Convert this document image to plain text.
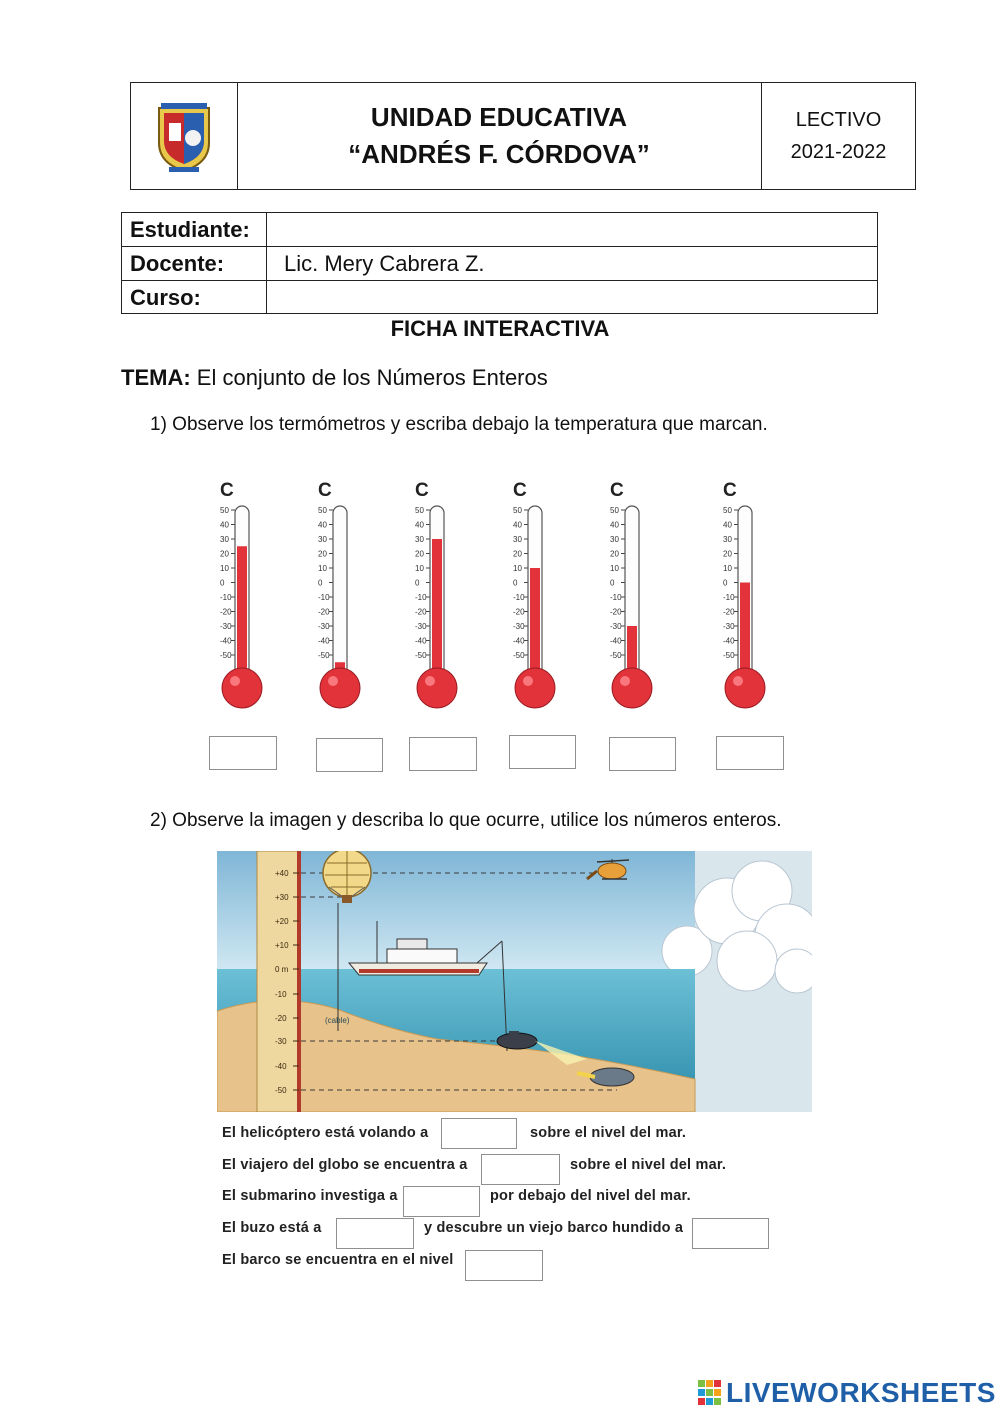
UNIDAD EDUCATIVA
“ANDRÉS F. CÓRDOVA”
LECTIVO
2021-2022
Estudiante:
Docente:	Lic. Mery Cabrera Z.
Curso:
FICHA INTERACTIVA
TEMA: El conjunto de los Números Enteros
1) Observe los termómetros y escriba debajo la temperatura que marcan.
C
50
40
30
20
10
0
-10
-20
-30
-40
-50
C
50
40
30
20
10
0
-10
-20
-30
-40
-50
C
50
40
30
20
10
0
-10
-20
-30
-40
-50
C
50
40
30
20
10
0
-10
-20
-30
-40
-50
C
50
40
30
20
10
0
-10
-20
-30
-40
-50
C
50
40
30
20
10
0
-10
-20
-30
-40
-50
2) Observe la imagen y describa lo que ocurre, utilice los números enteros.
+40
+30
+20
+10
0 m
-10
-20
-30
-40
-50
(cable)
El helicóptero está volando a	sobre el nivel del mar.
El viajero del globo se encuentra a	sobre el nivel del mar.
El submarino investiga a	por debajo del nivel del mar.
El buzo está a	y descubre un viejo barco hundido a
El barco se encuentra en el nivel
LIVEWORKSHEETS
